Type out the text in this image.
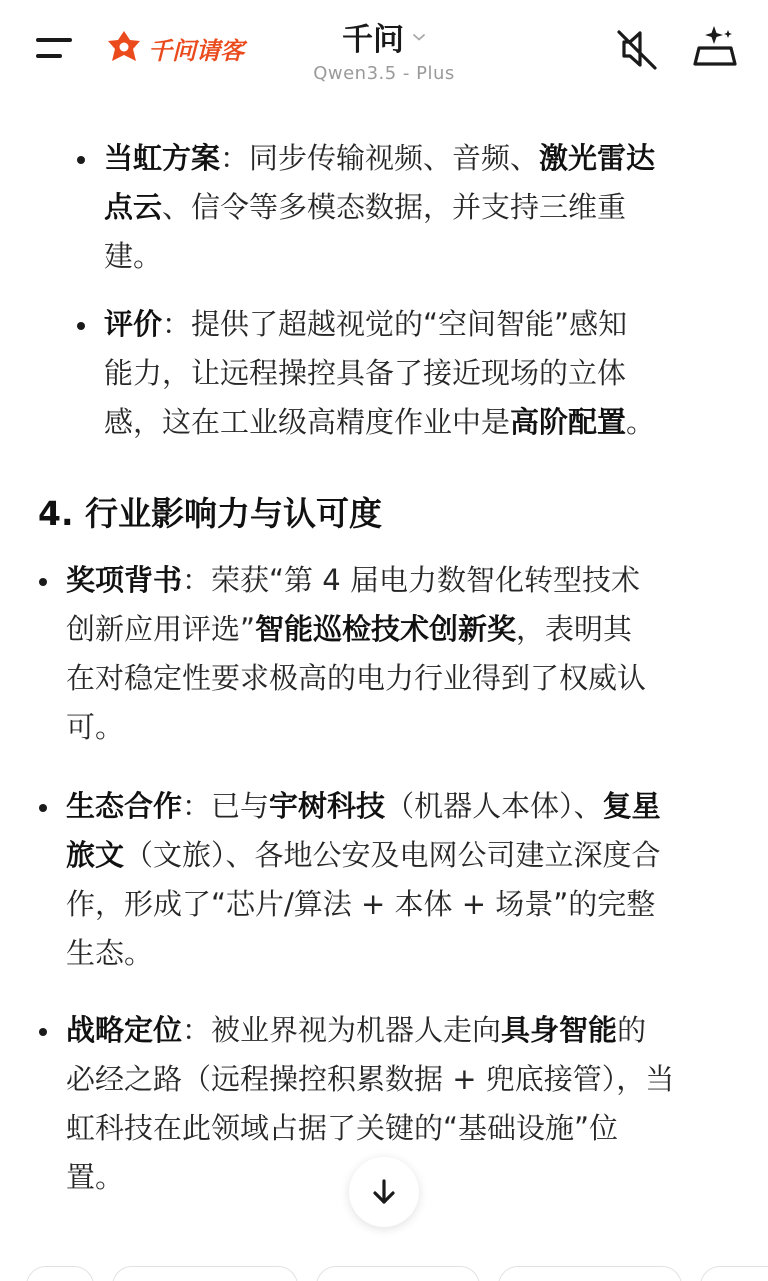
千问请客	千问
Qwen3.5 - Plus

当虹方案：同步传输视频、音频、激光雷达
点云、信令等多模态数据，并支持三维重
建。

评价：提供了超越视觉的“空间智能”感知
能力，让远程操控具备了接近现场的立体
感，这在工业级高精度作业中是高阶配置。

4. 行业影响力与认可度

奖项背书：荣获“第 4 届电力数智化转型技术
创新应用评选”智能巡检技术创新奖，表明其
在对稳定性要求极高的电力行业得到了权威认
可。

生态合作：已与宇树科技（机器人本体）、复星
旅文（文旅）、各地公安及电网公司建立深度合
作，形成了“芯片/算法 + 本体 + 场景”的完整
生态。

战略定位：被业界视为机器人走向具身智能的
必经之路（远程操控积累数据 + 兜底接管），当
虹科技在此领域占据了关键的“基础设施”位
置。
